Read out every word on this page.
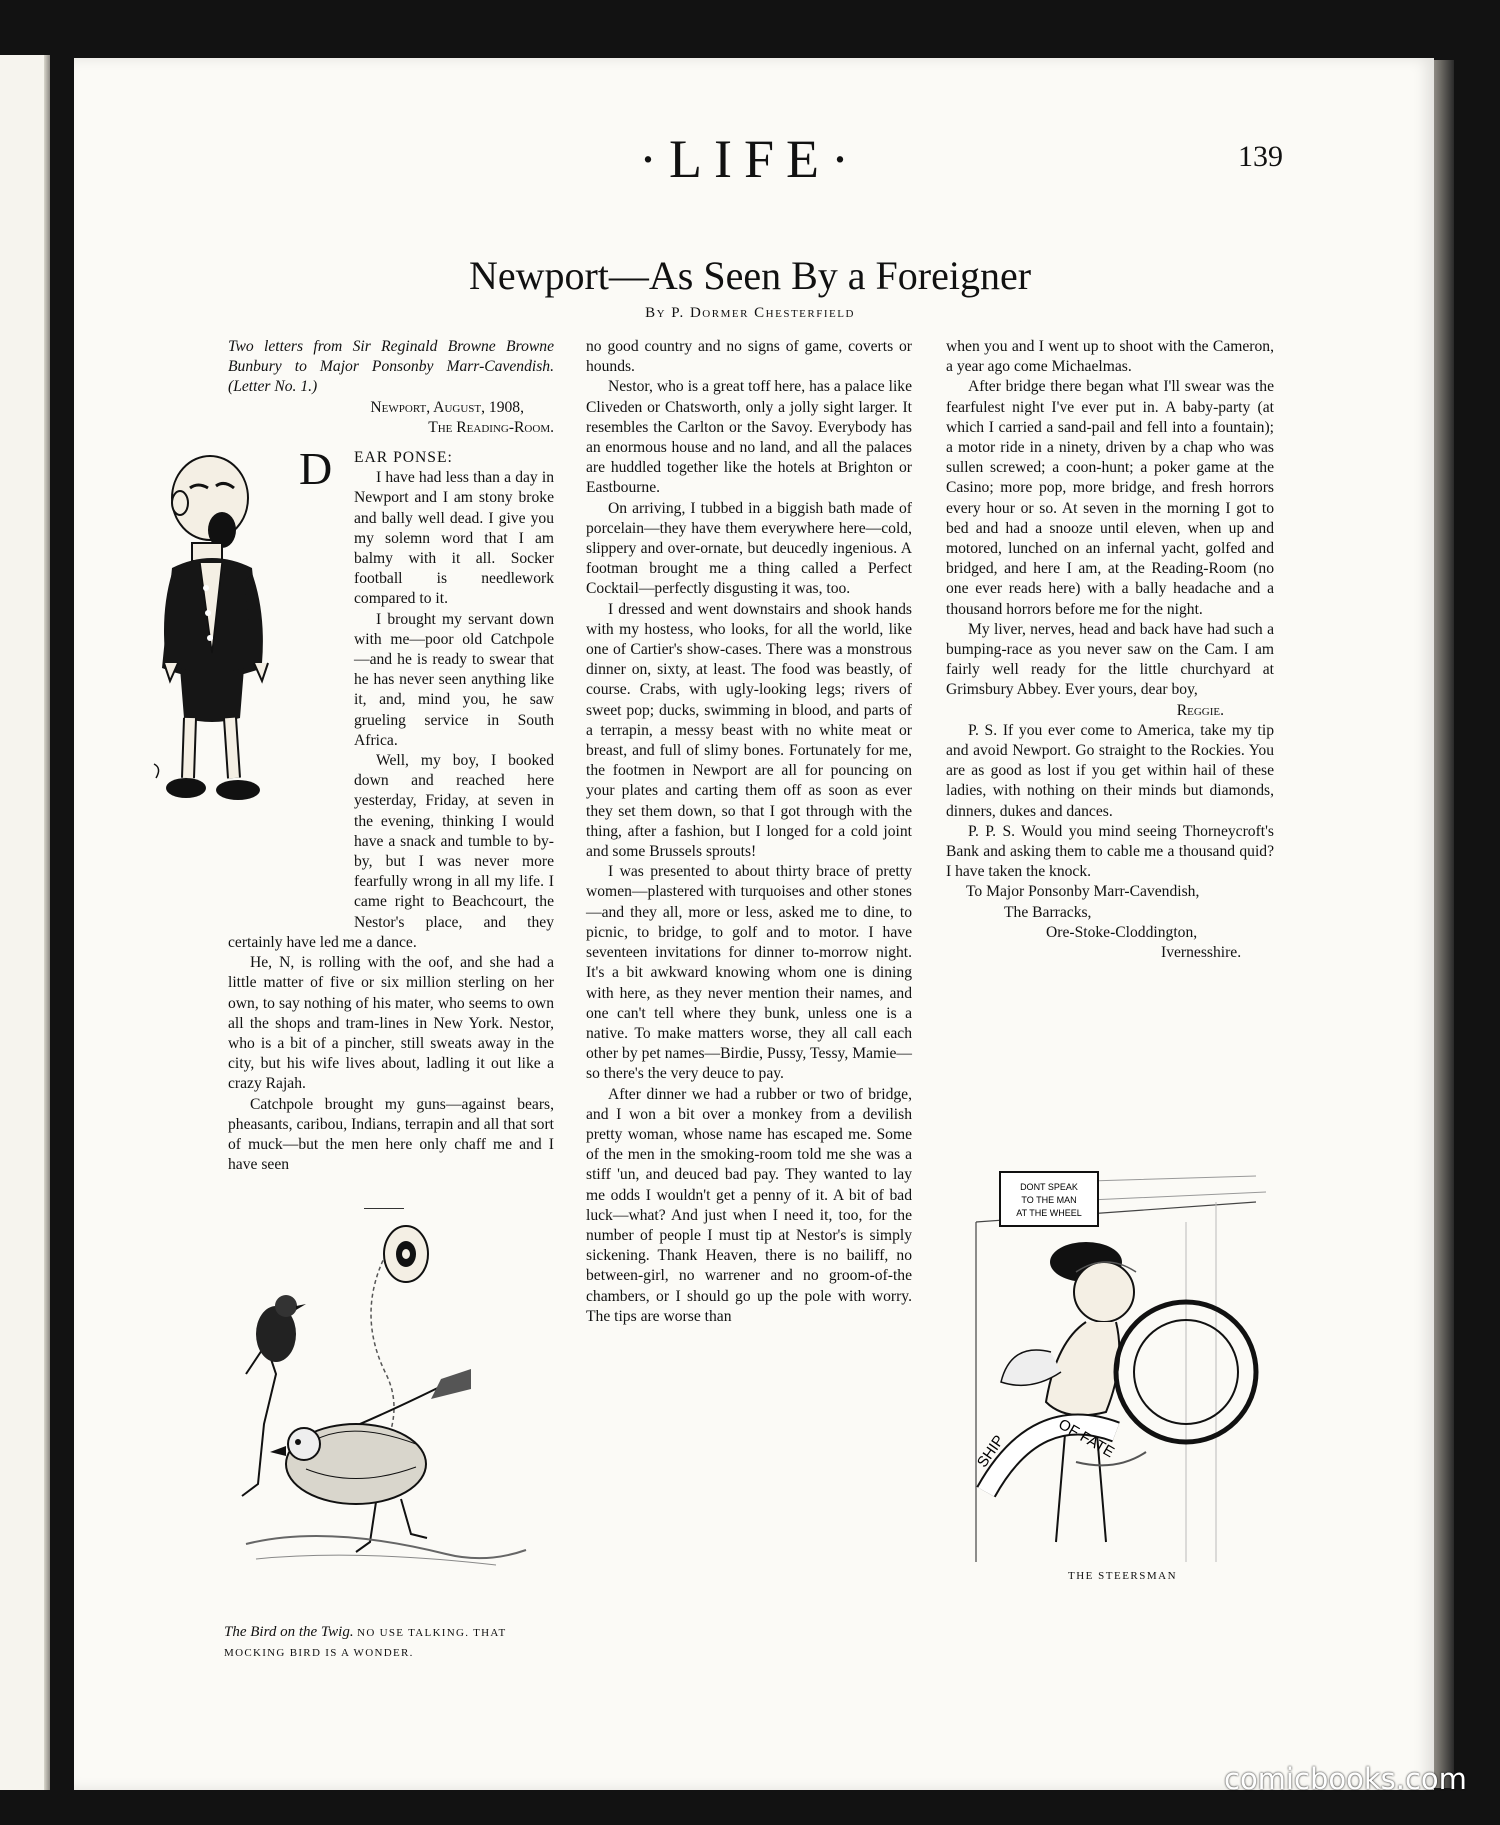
·LIFE·	139
Newport—As Seen By a Foreigner
By P. Dormer Chesterfield

Two letters from Sir Reginald Browne Browne Bunbury to Major Ponsonby Marr-Cavendish. (Letter No. 1.)

Newport, August, 1908,

The Reading-Room.

D EAR PONSE:

I have had less than a day in Newport and I am stony broke and bally well dead. I give you my solemn word that I am balmy with it all. Socker football is needlework compared to it.

I brought my servant down with me—poor old Catchpole—and he is ready to swear that he has never seen anything like it, and, mind you, he saw grueling service in South Africa.

Well, my boy, I booked down and reached here yesterday, Friday, at seven in the evening, thinking I would have a snack and tumble to by-by, but I was never more fearfully wrong in all my life. I came right to Beachcourt, the Nestor's place, and they certainly have led me a dance.

He, N, is rolling with the oof, and she had a little matter of five or six million sterling on her own, to say nothing of his mater, who seems to own all the shops and tram-lines in New York. Nestor, who is a bit of a pincher, still sweats away in the city, but his wife lives about, ladling it out like a crazy Rajah.

Catchpole brought my guns—against bears, pheasants, caribou, Indians, terrapin and all that sort of muck—but the men here only chaff me and I have seen

no good country and no signs of game, coverts or hounds.

Nestor, who is a great toff here, has a palace like Cliveden or Chatsworth, only a jolly sight larger. It resembles the Carlton or the Savoy. Everybody has an enormous house and no land, and all the palaces are huddled together like the hotels at Brighton or Eastbourne.

On arriving, I tubbed in a biggish bath made of porcelain—they have them everywhere here—cold, slippery and over-ornate, but deucedly ingenious. A footman brought me a thing called a Perfect Cocktail—perfectly disgusting it was, too.

I dressed and went downstairs and shook hands with my hostess, who looks, for all the world, like one of Cartier's show-cases. There was a monstrous dinner on, sixty, at least. The food was beastly, of course. Crabs, with ugly-looking legs; rivers of sweet pop; ducks, swimming in blood, and parts of a terrapin, a messy beast with no white meat or breast, and full of slimy bones. Fortunately for me, the footmen in Newport are all for pouncing on your plates and carting them off as soon as ever they set them down, so that I got through with the thing, after a fashion, but I longed for a cold joint and some Brussels sprouts!

I was presented to about thirty brace of pretty women—plastered with turquoises and other stones—and they all, more or less, asked me to dine, to picnic, to bridge, to golf and to motor. I have seventeen invitations for dinner to-morrow night. It's a bit awkward knowing whom one is dining with here, as they never mention their names, and one can't tell where they bunk, unless one is a native. To make matters worse, they all call each other by pet names—Birdie, Pussy, Tessy, Mamie—so there's the very deuce to pay.

After dinner we had a rubber or two of bridge, and I won a bit over a monkey from a devilish pretty woman, whose name has escaped me. Some of the men in the smoking-room told me she was a stiff 'un, and deuced bad pay. They wanted to lay me odds I wouldn't get a penny of it. A bit of bad luck—what? And just when I need it, too, for the number of people I must tip at Nestor's is simply sickening. Thank Heaven, there is no bailiff, no between-girl, no warrener and no groom-of-the chambers, or I should go up the pole with worry. The tips are worse than

when you and I went up to shoot with the Cameron, a year ago come Michaelmas.

After bridge there began what I'll swear was the fearfulest night I've ever put in. A baby-party (at which I carried a sand-pail and fell into a fountain); a motor ride in a ninety, driven by a chap who was sullen screwed; a coon-hunt; a poker game at the Casino; more pop, more bridge, and fresh horrors every hour or so. At seven in the morning I got to bed and had a snooze until eleven, when up and motored, lunched on an infernal yacht, golfed and bridged, and here I am, at the Reading-Room (no one ever reads here) with a bally headache and a thousand horrors before me for the night.

My liver, nerves, head and back have had such a bumping-race as you never saw on the Cam. I am fairly well ready for the little churchyard at Grimsbury Abbey. Ever yours, dear boy,

Reggie.

P. S. If you ever come to America, take my tip and avoid Newport. Go straight to the Rockies. You are as good as lost if you get within hail of these ladies, with nothing on their minds but diamonds, dinners, dukes and dances.

P. P. S. Would you mind seeing Thorneycroft's Bank and asking them to cable me a thousand quid? I have taken the knock.

To Major Ponsonby Marr-Cavendish,

The Barracks,

Ore-Stoke-Cloddington,

Ivernesshire.

The Bird on the Twig. NO USE TALKING. THAT MOCKING BIRD IS A WONDER.
DONT SPEAK
TO THE MAN
AT THE WHEEL
SHIP	OF FATE
THE STEERSMAN
comicbooks.com
